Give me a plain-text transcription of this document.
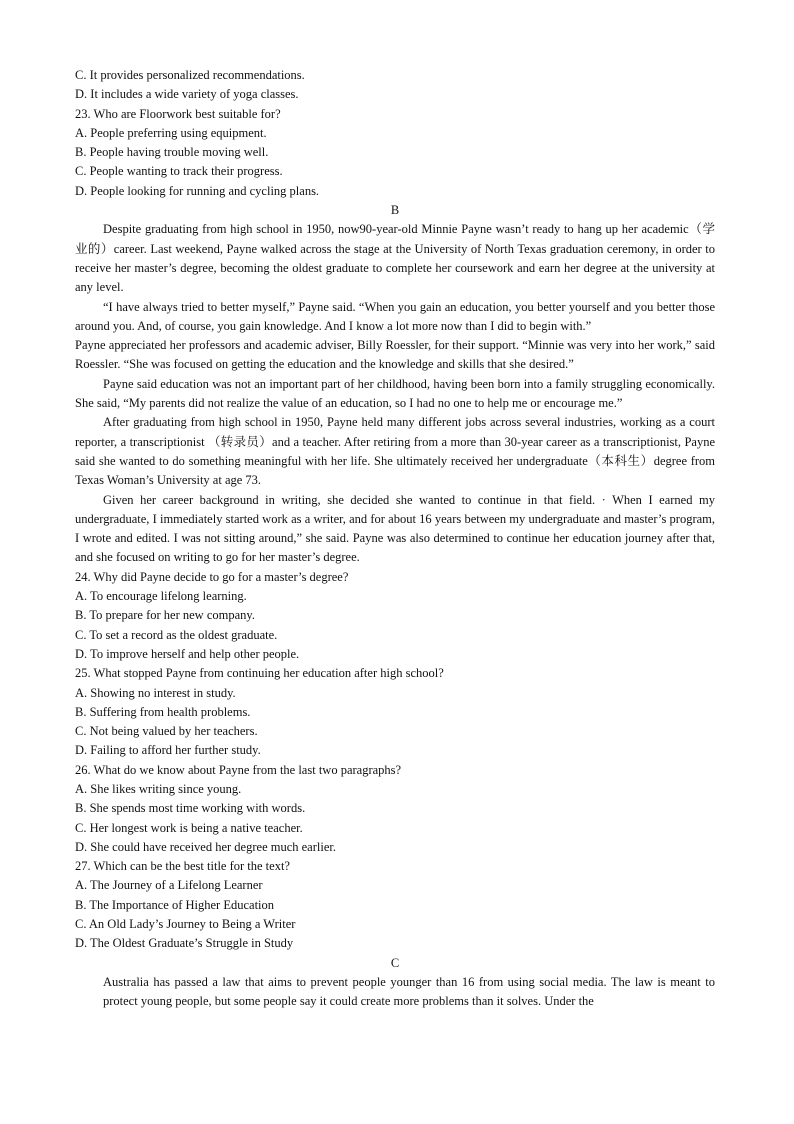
C. It provides personalized recommendations.
D. It includes a wide variety of yoga classes.
23. Who are Floorwork best suitable for?
A. People preferring using equipment.
B. People having trouble moving well.
C. People wanting to track their progress.
D. People looking for running and cycling plans.
B
Despite graduating from high school in 1950, now90-year-old Minnie Payne wasn’t ready to hang up her academic（学业的）career. Last weekend, Payne walked across the stage at the University of North Texas graduation ceremony, in order to receive her master’s degree, becoming the oldest graduate to complete her coursework and earn her degree at the university at any level.
“I have always tried to better myself,” Payne said. “When you gain an education, you better yourself and you better those around you. And, of course, you gain knowledge. And I know a lot more now than I did to begin with.”
Payne appreciated her professors and academic adviser, Billy Roessler, for their support. “Minnie was very into her work,” said Roessler. “She was focused on getting the education and the knowledge and skills that she desired.”
Payne said education was not an important part of her childhood, having been born into a family struggling economically. She said, “My parents did not realize the value of an education, so I had no one to help me or encourage me.”
After graduating from high school in 1950, Payne held many different jobs across several industries, working as a court reporter, a transcriptionist （转录员）and a teacher. After retiring from a more than 30-year career as a transcriptionist, Payne said she wanted to do something meaningful with her life. She ultimately received her undergraduate（本科生）degree from Texas Woman’s University at age 73.
Given her career background in writing, she decided she wanted to continue in that field. · When I earned my undergraduate, I immediately started work as a writer, and for about 16 years between my undergraduate and master’s program, I wrote and edited. I was not sitting around,” she said. Payne was also determined to continue her education journey after that, and she focused on writing to go for her master’s degree.
24. Why did Payne decide to go for a master’s degree?
A. To encourage lifelong learning.
B. To prepare for her new company.
C. To set a record as the oldest graduate.
D. To improve herself and help other people.
25. What stopped Payne from continuing her education after high school?
A. Showing no interest in study.
B. Suffering from health problems.
C. Not being valued by her teachers.
D. Failing to afford her further study.
26. What do we know about Payne from the last two paragraphs?
A. She likes writing since young.
B. She spends most time working with words.
C. Her longest work is being a native teacher.
D. She could have received her degree much earlier.
27. Which can be the best title for the text?
A. The Journey of a Lifelong Learner
B. The Importance of Higher Education
C. An Old Lady’s Journey to Being a Writer
D. The Oldest Graduate’s Struggle in Study
C
Australia has passed a law that aims to prevent people younger than 16 from using social media. The law is meant to protect young people, but some people say it could create more problems than it solves. Under the
